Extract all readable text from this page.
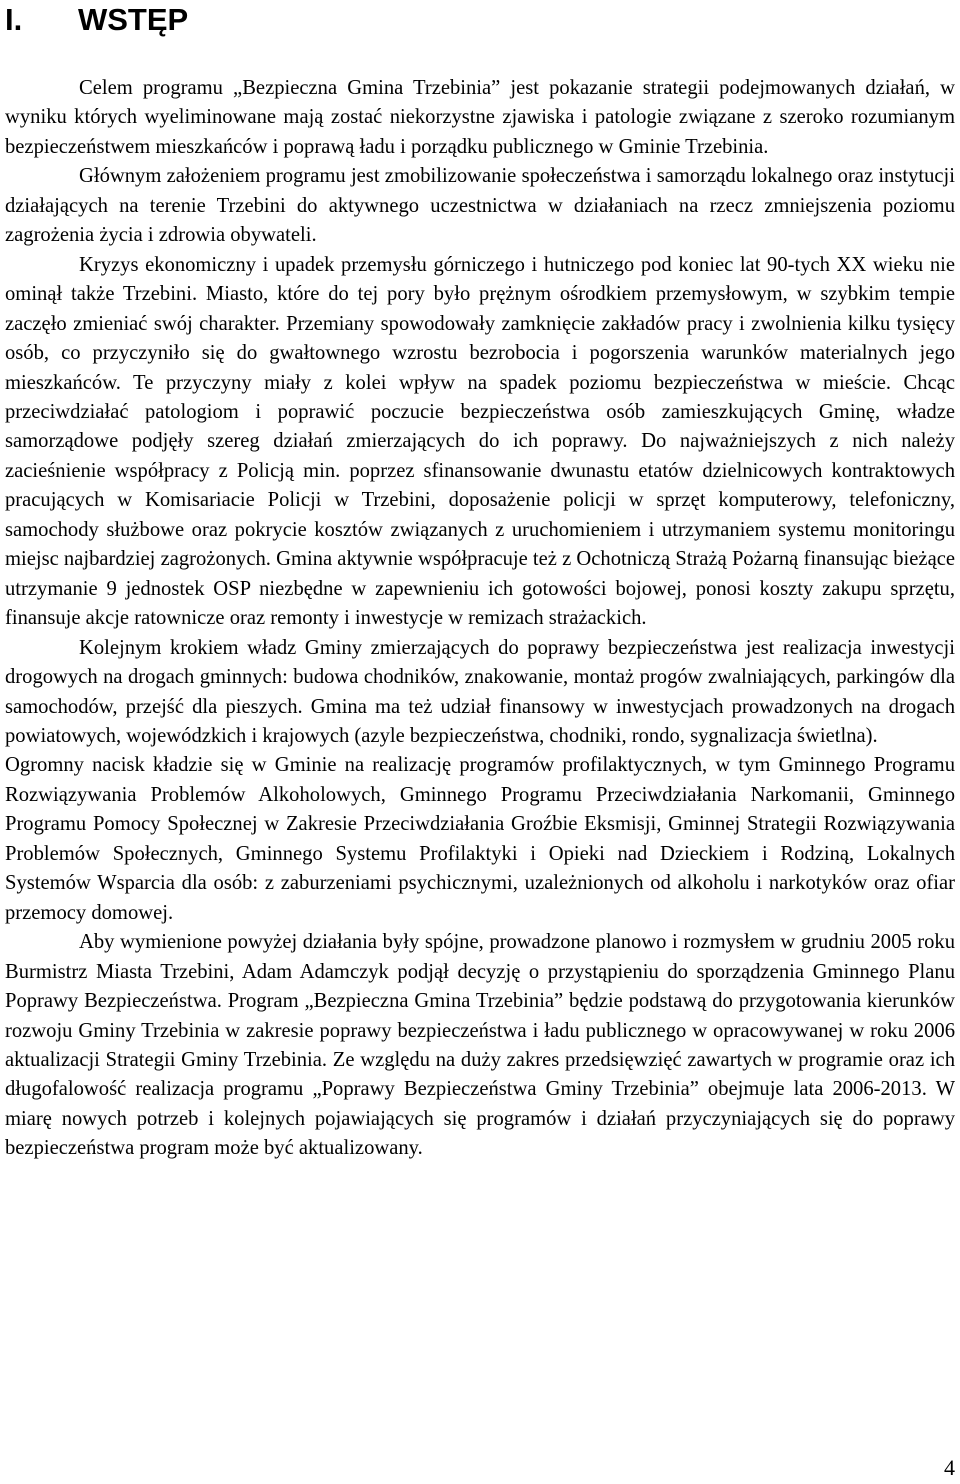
I. WSTĘP

Celem programu „Bezpieczna Gmina Trzebinia” jest pokazanie strategii podejmowanych działań, w wyniku których wyeliminowane mają zostać niekorzystne zjawiska i patologie związane z szeroko rozumianym bezpieczeństwem mieszkańców i poprawą ładu i porządku publicznego w Gminie Trzebinia.

Głównym założeniem programu jest zmobilizowanie społeczeństwa i samorządu lokalnego oraz instytucji działających na terenie Trzebini do aktywnego uczestnictwa w działaniach na rzecz zmniejszenia poziomu zagrożenia życia i zdrowia obywateli.

Kryzys ekonomiczny i upadek przemysłu górniczego i hutniczego pod koniec lat 90-tych XX wieku nie ominął także Trzebini. Miasto, które do tej pory było prężnym ośrodkiem przemysłowym, w szybkim tempie zaczęło zmieniać swój charakter. Przemiany spowodowały zamknięcie zakładów pracy i zwolnienia kilku tysięcy osób, co przyczyniło się do gwałtownego wzrostu bezrobocia i pogorszenia warunków materialnych jego mieszkańców. Te przyczyny miały z kolei wpływ na spadek poziomu bezpieczeństwa w mieście. Chcąc przeciwdziałać patologiom i poprawić poczucie bezpieczeństwa osób zamieszkujących Gminę, władze samorządowe podjęły szereg działań zmierzających do ich poprawy. Do najważniejszych z nich należy zacieśnienie współpracy z Policją min. poprzez sfinansowanie dwunastu etatów dzielnicowych kontraktowych pracujących w Komisariacie Policji w Trzebini, doposażenie policji w sprzęt komputerowy, telefoniczny, samochody służbowe oraz pokrycie kosztów związanych z uruchomieniem i utrzymaniem systemu monitoringu miejsc najbardziej zagrożonych. Gmina aktywnie współpracuje też z Ochotniczą Strażą Pożarną finansując bieżące utrzymanie 9 jednostek OSP niezbędne w zapewnieniu ich gotowości bojowej, ponosi koszty zakupu sprzętu, finansuje akcje ratownicze oraz remonty i inwestycje w remizach strażackich.

Kolejnym krokiem władz Gminy zmierzających do poprawy bezpieczeństwa jest realizacja inwestycji drogowych na drogach gminnych: budowa chodników, znakowanie, montaż progów zwalniających, parkingów dla samochodów, przejść dla pieszych. Gmina ma też udział finansowy w inwestycjach prowadzonych na drogach powiatowych, wojewódzkich i krajowych (azyle bezpieczeństwa, chodniki, rondo, sygnalizacja świetlna).

Ogromny nacisk kładzie się w Gminie na realizację programów profilaktycznych, w tym Gminnego Programu Rozwiązywania Problemów Alkoholowych, Gminnego Programu Przeciwdziałania Narkomanii, Gminnego Programu Pomocy Społecznej w Zakresie Przeciwdziałania Groźbie Eksmisji, Gminnej Strategii Rozwiązywania Problemów Społecznych, Gminnego Systemu Profilaktyki i Opieki nad Dzieckiem i Rodziną, Lokalnych Systemów Wsparcia dla osób: z zaburzeniami psychicznymi, uzależnionych od alkoholu i narkotyków oraz ofiar przemocy domowej.

Aby wymienione powyżej działania były spójne, prowadzone planowo i rozmysłem w grudniu 2005 roku Burmistrz Miasta Trzebini, Adam Adamczyk podjął decyzję o przystąpieniu do sporządzenia Gminnego Planu Poprawy Bezpieczeństwa. Program „Bezpieczna Gmina Trzebinia” będzie podstawą do przygotowania kierunków rozwoju Gminy Trzebinia w zakresie poprawy bezpieczeństwa i ładu publicznego w opracowywanej w roku 2006 aktualizacji Strategii Gminy Trzebinia. Ze względu na duży zakres przedsięwzięć zawartych w programie oraz ich długofalowość realizacja programu „Poprawy Bezpieczeństwa Gminy Trzebinia” obejmuje lata 2006-2013. W miarę nowych potrzeb i kolejnych pojawiających się programów i działań przyczyniających się do poprawy bezpieczeństwa program może być aktualizowany.

4
